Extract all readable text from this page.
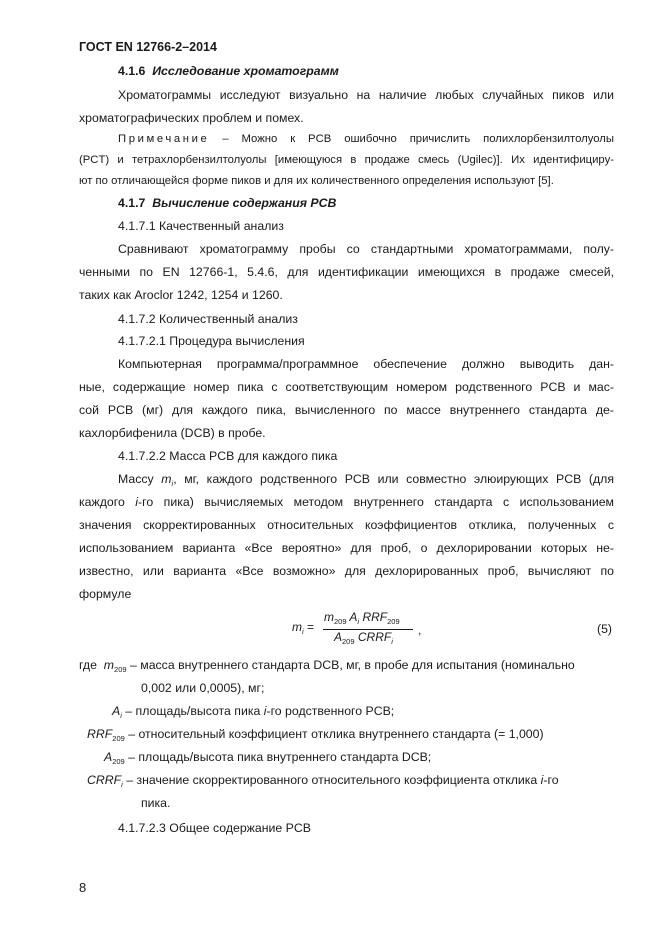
ГОСТ EN 12766-2–2014
4.1.6 Исследование хроматограмм
Хроматограммы исследуют визуально на наличие любых случайных пиков или
хроматографических проблем и помех.
Примечание – Можно к PCB ошибочно причислить полихлорбензилтолуолы
(PCT) и тетрахлорбензилтолуолы [имеющуюся в продаже смесь (Ugilec)]. Их идентифициру-
ют по отличающейся форме пиков и для их количественного определения используют [5].
4.1.7 Вычисление содержания PCB
4.1.7.1 Качественный анализ
Сравнивают хроматограмму пробы со стандартными хроматограммами, полу-
ченными по EN 12766-1, 5.4.6, для идентификации имеющихся в продаже смесей,
таких как Aroclor 1242, 1254 и 1260.
4.1.7.2 Количественный анализ
4.1.7.2.1 Процедура вычисления
Компьютерная программа/программное обеспечение должно выводить дан-
ные, содержащие номер пика с соответствующим номером родственного PCB и мас-
сой PCB (мг) для каждого пика, вычисленного по массе внутреннего стандарта де-
кахлорбифенила (DCB) в пробе.
4.1.7.2.2 Масса PCB для каждого пика
Массу $m_i$, мг, каждого родственного PCB или совместно элюирующих PCB (для
каждого i-го пика) вычисляемых методом внутреннего стандарта с использованием
значения скорректированных относительных коэффициентов отклика, полученных с
использованием варианта «Все вероятно» для проб, о дехлорировании которых не-
известно, или варианта «Все возможно» для дехлорированных проб, вычисляют по
формуле
$m_i$ =
$m_{209}$ $A_i$ $RRF_{209}$
$A_{209}$ $CRRF_i$
,	(5)
где $m_{209}$ – масса внутреннего стандарта DCB, мг, в пробе для испытания (номинально
0,002 или 0,0005), мг;
$A_i$ – площадь/высота пика i-го родственного PCB;
$RRF_{209}$ – относительный коэффициент отклика внутреннего стандарта (= 1,000)
$A_{209}$ – площадь/высота пика внутреннего стандарта DCB;
$CRRF_i$ – значение скорректированного относительного коэффициента отклика i-го
пика.
4.1.7.2.3 Общее содержание PCB
8
